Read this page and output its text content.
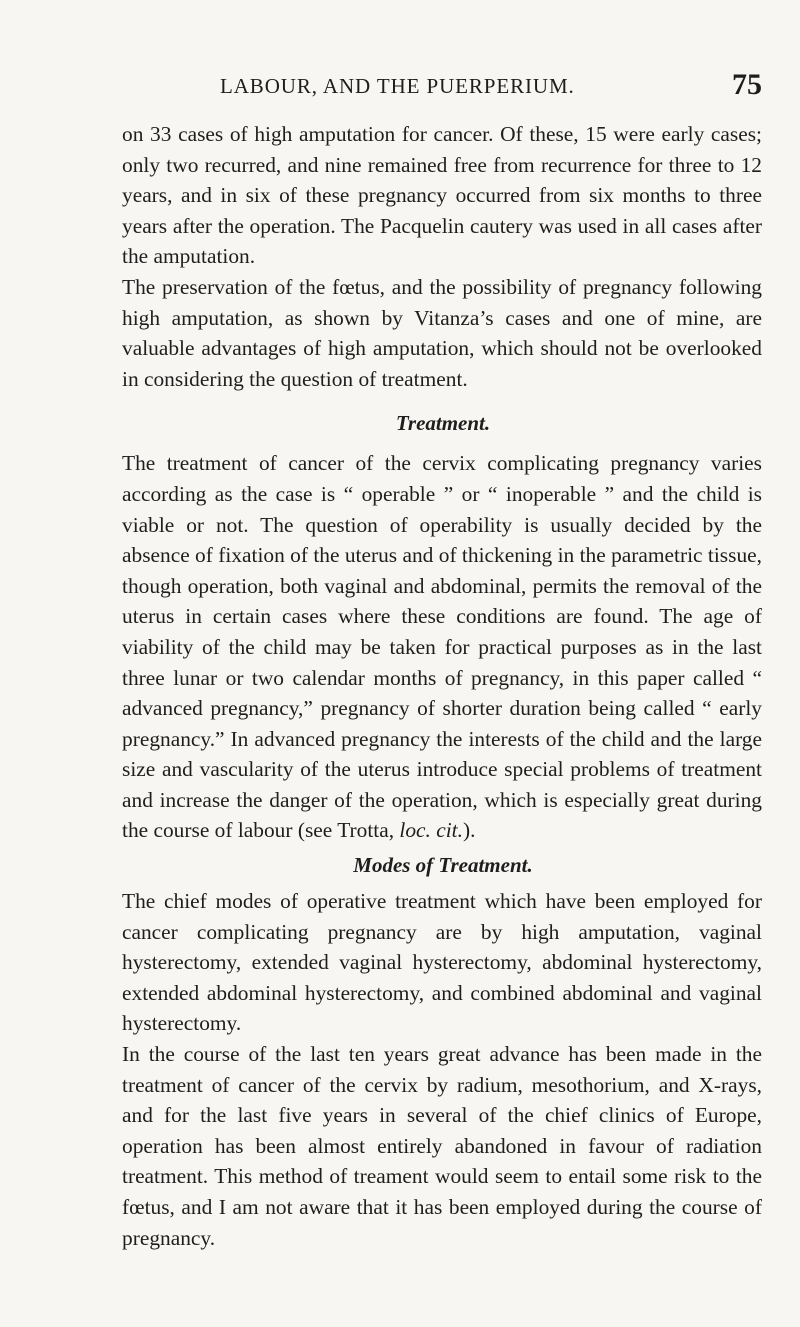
LABOUR, AND THE PUERPERIUM.	75

on 33 cases of high amputation for cancer. Of these, 15 were early cases; only two recurred, and nine remained free from recurrence for three to 12 years, and in six of these pregnancy occurred from six months to three years after the operation. The Pacquelin cautery was used in all cases after the amputation.

The preservation of the fœtus, and the possibility of pregnancy following high amputation, as shown by Vitanza’s cases and one of mine, are valuable advantages of high amputation, which should not be overlooked in considering the question of treatment.

Treatment.

The treatment of cancer of the cervix complicating pregnancy varies according as the case is “ operable ” or “ inoperable ” and the child is viable or not. The question of operability is usually decided by the absence of fixation of the uterus and of thickening in the parametric tissue, though operation, both vaginal and abdominal, permits the removal of the uterus in certain cases where these conditions are found. The age of viability of the child may be taken for practical purposes as in the last three lunar or two calendar months of pregnancy, in this paper called “ advanced pregnancy,” pregnancy of shorter duration being called “ early pregnancy.” In advanced pregnancy the interests of the child and the large size and vascularity of the uterus introduce special problems of treatment and increase the danger of the operation, which is especially great during the course of labour (see Trotta, loc. cit.).

Modes of Treatment.

The chief modes of operative treatment which have been employed for cancer complicating pregnancy are by high amputation, vaginal hysterectomy, extended vaginal hysterectomy, abdominal hysterectomy, extended abdominal hysterectomy, and combined abdominal and vaginal hysterectomy.

In the course of the last ten years great advance has been made in the treatment of cancer of the cervix by radium, mesothorium, and X-rays, and for the last five years in several of the chief clinics of Europe, operation has been almost entirely abandoned in favour of radiation treatment. This method of treament would seem to entail some risk to the fœtus, and I am not aware that it has been employed during the course of pregnancy.
